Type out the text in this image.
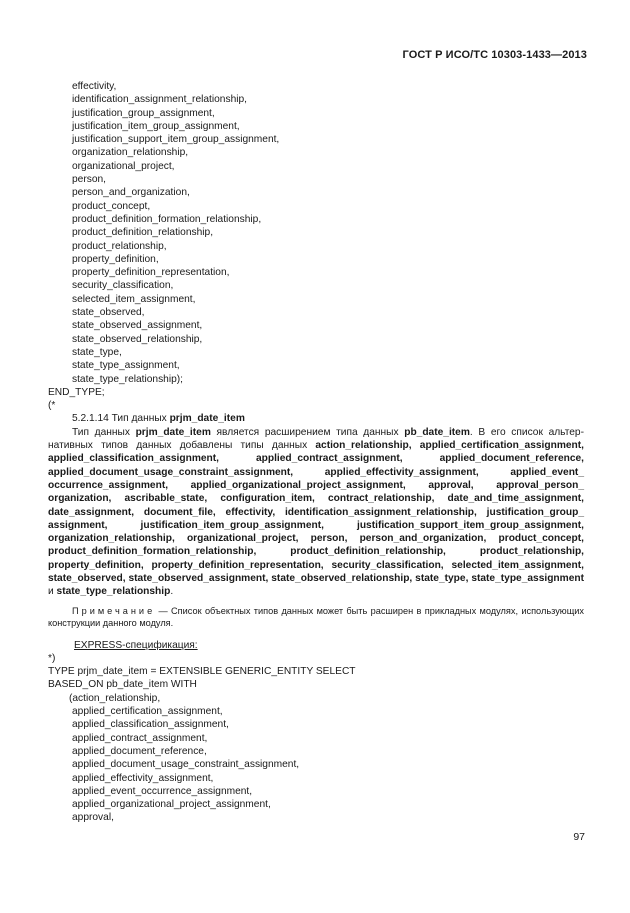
ГОСТ Р ИСО/ТС 10303-1433—2013
effectivity,
identification_assignment_relationship,
justification_group_assignment,
justification_item_group_assignment,
justification_support_item_group_assignment,
organization_relationship,
organizational_project,
person,
person_and_organization,
product_concept,
product_definition_formation_relationship,
product_definition_relationship,
product_relationship,
property_definition,
property_definition_representation,
security_classification,
selected_item_assignment,
state_observed,
state_observed_assignment,
state_observed_relationship,
state_type,
state_type_assignment,
state_type_relationship);
END_TYPE;
(*
5.2.1.14 Тип данных prjm_date_item
Тип данных prjm_date_item является расширением типа данных pb_date_item. В его список альтернативных типов данных добавлены типы данных action_relationship, applied_certification_assignment, applied_classification_assignment, applied_contract_assignment, applied_document_reference, applied_document_usage_constraint_assignment, applied_effectivity_assignment, applied_event_ occurrence_assignment, applied_organizational_project_assignment, approval, approval_person_ organization, ascribable_state, configuration_item, contract_relationship, date_and_time_assignment, date_assignment, document_file, effectivity, identification_assignment_relationship, justification_group_ assignment, justification_item_group_assignment, justification_support_item_group_assignment, organization_relationship, organizational_project, person, person_and_organization, product_concept, product_definition_formation_relationship, product_definition_relationship, product_relationship, property_definition, property_definition_representation, security_classification, selected_item_assignment, state_observed, state_observed_assignment, state_observed_relationship, state_type, state_type_assignment и state_type_relationship.
Примечание — Список объектных типов данных может быть расширен в прикладных модулях, использующих конструкции данного модуля.
EXPRESS-спецификация:
*)
TYPE prjm_date_item = EXTENSIBLE GENERIC_ENTITY SELECT
BASED_ON pb_date_item WITH
(action_relationship,
applied_certification_assignment,
applied_classification_assignment,
applied_contract_assignment,
applied_document_reference,
applied_document_usage_constraint_assignment,
applied_effectivity_assignment,
applied_event_occurrence_assignment,
applied_organizational_project_assignment,
approval,
97
